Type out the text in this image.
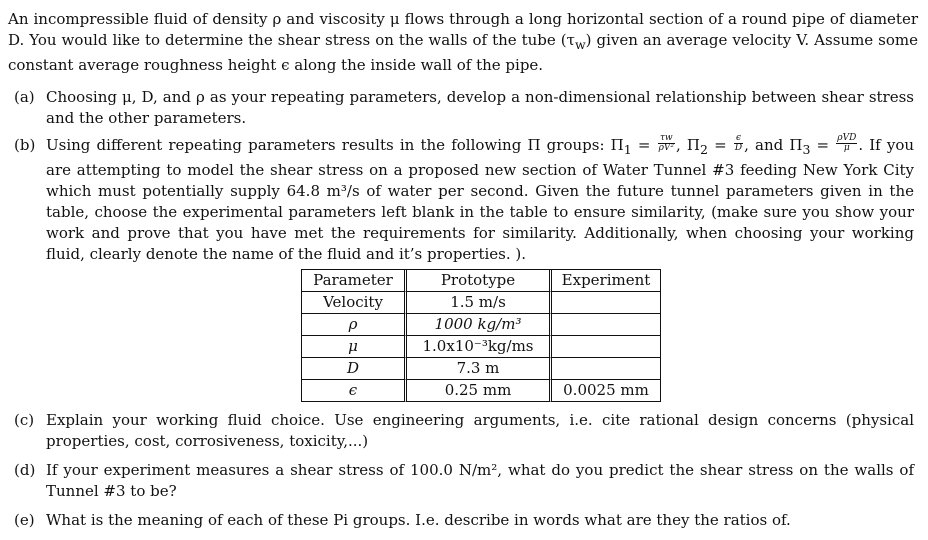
An incompressible fluid of density ρ and viscosity μ flows through a long horizontal section of a round pipe of diameter D. You would like to determine the shear stress on the walls of the tube $(\tau_w)$ given an average velocity V. Assume some constant average roughness height ϵ along the inside wall of the pipe.
(a) Choosing μ, D, and ρ as your repeating parameters, develop a non-dimensional relationship between shear stress and the other parameters.
(b) Using different repeating parameters results in the following Π groups: $\Pi_1 = \frac{\tau w}{\text{ρV²}}$ , $\Pi_2 = \frac{\epsilon}{D}$ , and $\Pi_3 = \frac{\text{ρVD}}{\mu}$ . If you are attempting to model the shear stress on a proposed new section of Water Tunnel #3 feeding New York City which must potentially supply 64.8 m³/s of water per second. Given the future tunnel parameters given in the table, choose the experimental parameters left blank in the table to ensure similarity, (make sure you show your work and prove that you have met the requirements for similarity. Additionally, when choosing your working fluid, clearly denote the name of the fluid and it’s properties. ).
Parameter	Prototype	Experiment
Velocity	1.5 m/s	
ρ	1000 kg/m³	
μ	1.0x10⁻³kg/ms	
D	7.3 m	
ϵ	0.25 mm	0.0025 mm
(c) Explain your working fluid choice. Use engineering arguments, i.e. cite rational design concerns (physical properties, cost, corrosiveness, toxicity,...)
(d) If your experiment measures a shear stress of 100.0 N/m², what do you predict the shear stress on the walls of Tunnel #3 to be?
(e) What is the meaning of each of these Pi groups. I.e. describe in words what are they the ratios of.
